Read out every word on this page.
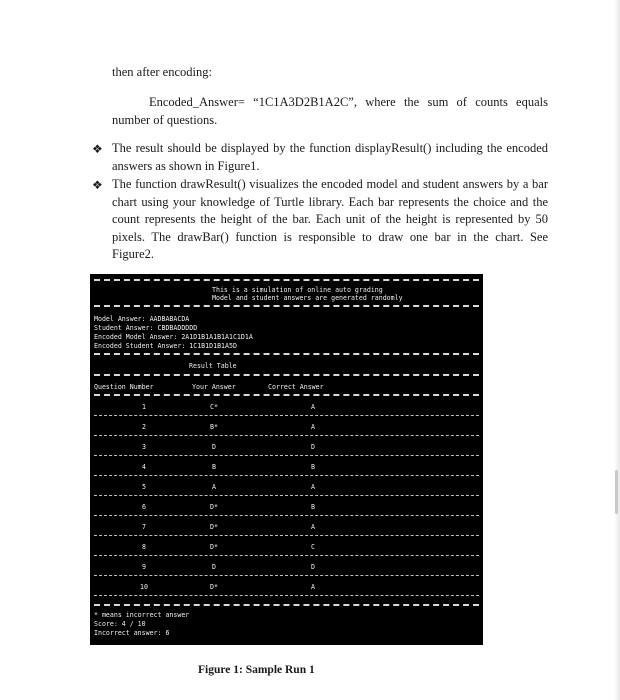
then after encoding:
Encoded_Answer= “1C1A3D2B1A2C”, where the sum of counts equals number of questions.
❖ The result should be displayed by the function displayResult() including the encoded answers as shown in Figure1.
❖ The function drawResult() visualizes the encoded model and student answers by a bar chart using your knowledge of Turtle library. Each bar represents the choice and the count represents the height of the bar. Each unit of the height is represented by 50 pixels. The drawBar() function is responsible to draw one bar in the chart. See Figure2.
This is a simulation of online auto grading
Model and student answers are generated randomly
Model Answer: AADBABACDA
Student Answer: CBDBADDDDD
Encoded Model Answer: 2A1D1B1A1B1A1C1D1A
Encoded Student Answer: 1C1B1D1B1A5D
Result Table
Question Number	Your Answer	Correct Answer
1	C*	A
2	B*	A
3	D	D
4	B	B
5	A	A
6	D*	B
7	D*	A
8	D*	C
9	D	D
10	D*	A
* means incorrect answer
Score: 4 / 10
Incorrect answer: 6
Figure 1: Sample Run 1
